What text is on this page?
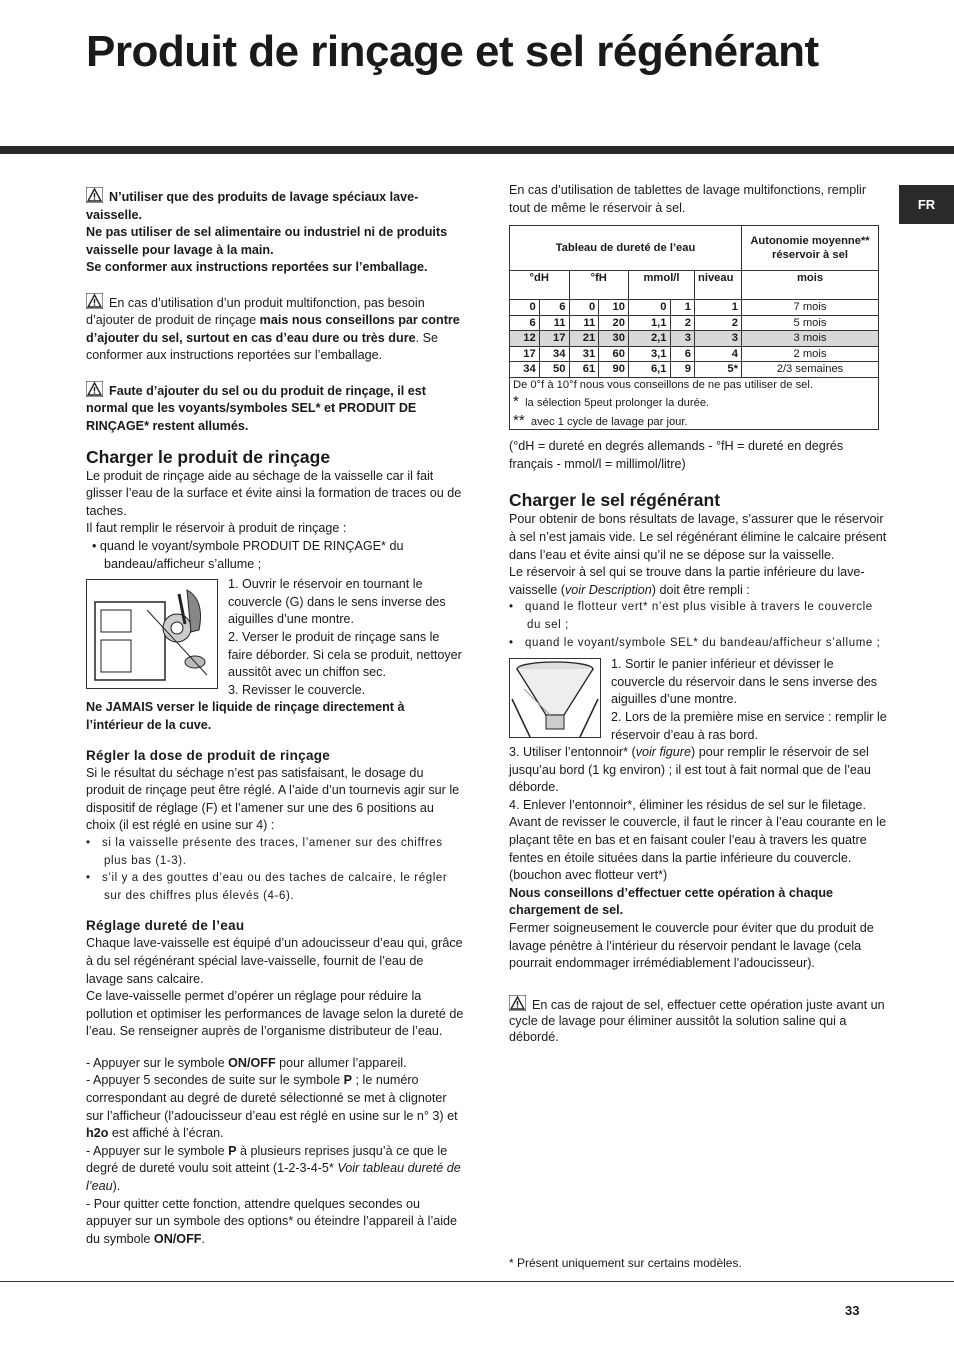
Produit de rinçage et sel régénérant
FR

N’utiliser que des produits de lavage spéciaux lave-vaisselle.
Ne pas utiliser de sel alimentaire ou industriel ni de produits vaisselle pour lavage à la main.
Se conformer aux instructions reportées sur l’emballage.

En cas d’utilisation d’un produit multifonction, pas besoin d’ajouter de produit de rinçage mais nous conseillons par contre d’ajouter du sel, surtout en cas d’eau dure ou très dure. Se conformer aux instructions reportées sur l’emballage.

Faute d’ajouter du sel ou du produit de rinçage, il est normal que les voyants/symboles SEL* et PRODUIT DE RINÇAGE* restent allumés.

Charger le produit de rinçage

Le produit de rinçage aide au séchage de la vaisselle car il fait glisser l’eau de la surface et évite ainsi la formation de traces ou de taches.

Il faut remplir le réservoir à produit de rinçage :

• quand le voyant/symbole PRODUIT DE RINÇAGE* du bandeau/afficheur s’allume ;

1. Ouvrir le réservoir en tournant le couvercle (G) dans le sens inverse des aiguilles d’une montre.

2. Verser le produit de rinçage sans le faire déborder. Si cela se produit, nettoyer aussitôt avec un chiffon sec.

3. Revisser le couvercle.

Ne JAMAIS verser le liquide de rinçage directement à l’intérieur de la cuve.

Régler la dose de produit de rinçage

Si le résultat du séchage n’est pas satisfaisant, le dosage du produit de rinçage peut être réglé. A l’aide d’un tournevis agir sur le dispositif de réglage (F) et l’amener sur une des 6 positions au choix (il est réglé en usine sur 4) :

•   si la vaisselle présente des traces, l’amener sur des chiffres plus bas (1-3).

•   s’il y a des gouttes d’eau ou des taches de calcaire, le régler sur des chiffres plus élevés (4-6).

Réglage dureté de l’eau

Chaque lave-vaisselle est équipé d’un adoucisseur d’eau qui, grâce à du sel régénérant spécial lave-vaisselle, fournit de l’eau de lavage sans calcaire.

Ce lave-vaisselle permet d’opérer un réglage pour réduire la pollution et optimiser les performances de lavage selon la dureté de l’eau. Se renseigner auprès de l’organisme distributeur de l’eau.

- Appuyer sur le symbole ON/OFF pour allumer l’appareil.

- Appuyer 5 secondes de suite sur le symbole P ; le numéro correspondant au degré de dureté sélectionné se met à clignoter sur l’afficheur (l’adoucisseur d’eau est réglé en usine sur le n° 3) et h2o est affiché à l’écran.

- Appuyer sur le symbole P à plusieurs reprises jusqu’à ce que le degré de dureté voulu soit atteint (1-2-3-4-5* Voir tableau dureté de l’eau).

- Pour quitter cette fonction, attendre quelques secondes ou appuyer sur un symbole des options* ou éteindre l’appareil à l’aide du symbole ON/OFF.

En cas d’utilisation de tablettes de lavage multifonctions, remplir tout de même le réservoir à sel.

Tableau de dureté de l’eau							Autonomie moyenne** réservoir à sel
°dH		°fH		mmol/l		niveau	mois
0	6	0	10	0	1	1	7 mois
6	11	11	20	1,1	2	2	5 mois
12	17	21	30	2,1	3	3	3 mois
17	34	31	60	3,1	6	4	2 mois
34	50	61	90	6,1	9	5*	2/3 semaines

De 0°f à 10°f nous vous conseillons de ne pas utiliser de sel.
* la sélection 5peut prolonger la durée.
** avec 1 cycle de lavage par jour.							

(°dH = dureté en degrés allemands - °fH = dureté en degrés français - mmol/l = millimol/litre)

Charger le sel régénérant

Pour obtenir de bons résultats de lavage, s’assurer que le réservoir à sel n’est jamais vide. Le sel régénérant élimine le calcaire présent dans l’eau et évite ainsi qu’il ne se dépose sur la vaisselle.

Le réservoir à sel qui se trouve dans la partie inférieure du lave-vaisselle (voir Description) doit être rempli :

•   quand le flotteur vert* n’est plus visible à travers le couvercle du sel ;

•   quand le voyant/symbole SEL* du bandeau/afficheur s’allume ;

1. Sortir le panier inférieur et dévisser le couvercle du réservoir dans le sens inverse des aiguilles d’une montre.

2. Lors de la première mise en service : remplir le réservoir d’eau à ras bord.

3. Utiliser l’entonnoir* (voir figure) pour remplir le réservoir de sel jusqu’au bord (1 kg environ) ; il est tout à fait normal que de l’eau déborde.

4. Enlever l’entonnoir*, éliminer les résidus de sel sur le filetage. Avant de revisser le couvercle, il faut le rincer à l’eau courante en le plaçant tête en bas et en faisant couler l’eau à travers les quatre fentes en étoile situées dans la partie inférieure du couvercle. (bouchon avec flotteur vert*)

Nous conseillons d’effectuer cette opération à chaque chargement de sel.

Fermer soigneusement le couvercle pour éviter que du produit de lavage pénètre à l’intérieur du réservoir pendant le lavage (cela pourrait endommager irrémédiablement l’adoucisseur).

En cas de rajout de sel, effectuer cette opération juste avant un cycle de lavage pour éliminer aussitôt la solution saline qui a débordé.

* Présent uniquement sur certains modèles.
33
